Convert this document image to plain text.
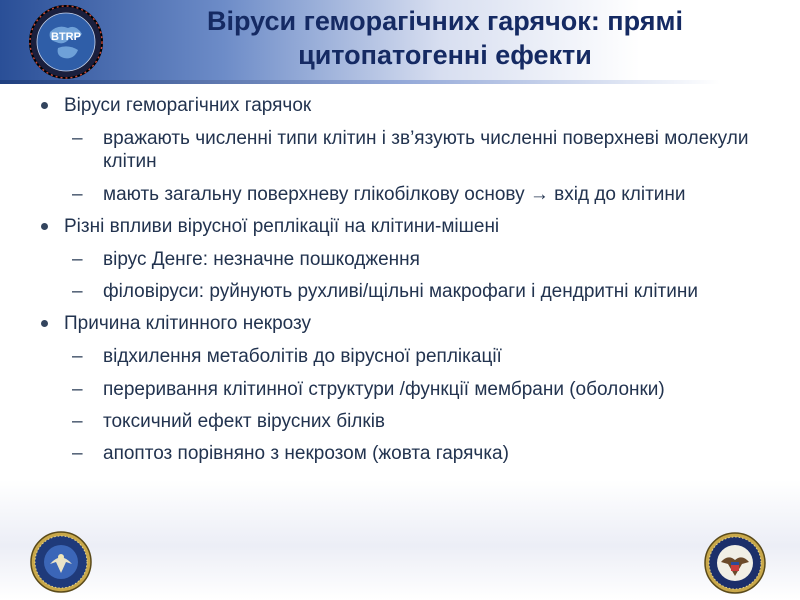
BTRP
Віруси геморагічних гарячок: прямі
цитопатогенні ефекти
Віруси геморагічних гарячок
– вражають численні типи клітин і зв’язують численні поверхневі молекули клітин
– мають загальну поверхневу глікобілкову основу → вхід до клітини
Різні впливи вірусної реплікації на клітини-мішені
– вірус Денге: незначне пошкодження
– філовіруси: руйнують рухливі/щільні макрофаги і дендритні клітини
Причина клітинного некрозу
– відхилення метаболітів до вірусної реплікації
– переривання клітинної структури /функції мембрани (оболонки)
– токсичний ефект вірусних білків
– апоптоз порівняно з некрозом (жовта гарячка)
